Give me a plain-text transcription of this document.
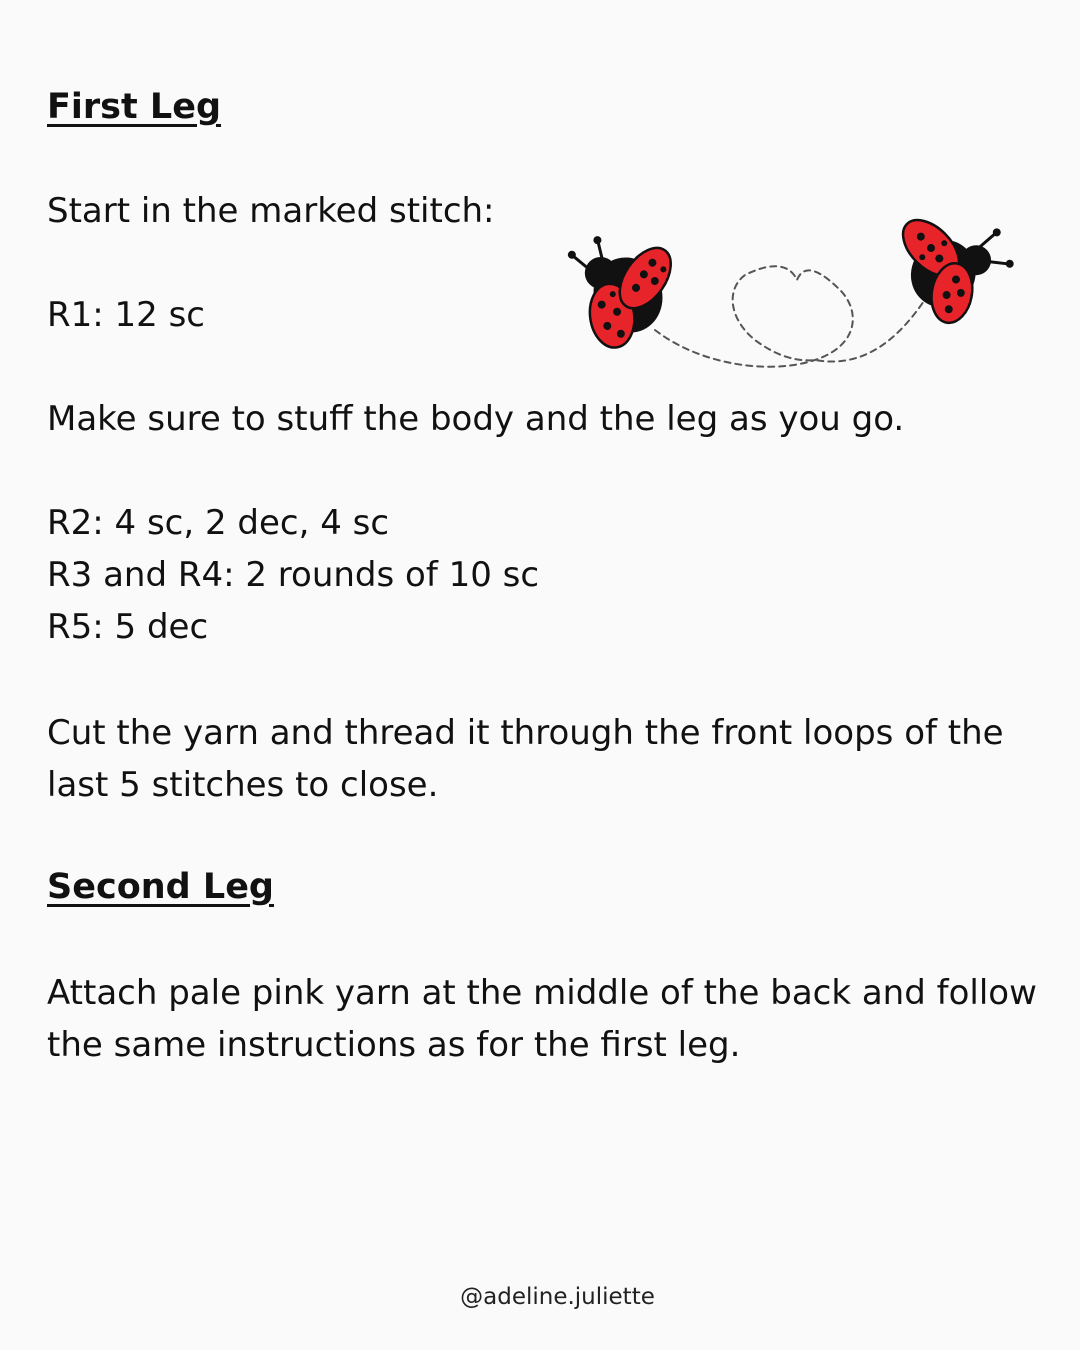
First Leg

Start in the marked stitch:

R1: 12 sc

Make sure to stuff the body and the leg as you go.

R2: 4 sc, 2 dec, 4 sc

R3 and R4: 2 rounds of 10 sc

R5: 5 dec

Cut the yarn and thread it through the front loops of the last 5 stitches to close.

Second Leg

Attach pale pink yarn at the middle of the back and follow the same instructions as for the first leg.

@adeline.juliette
